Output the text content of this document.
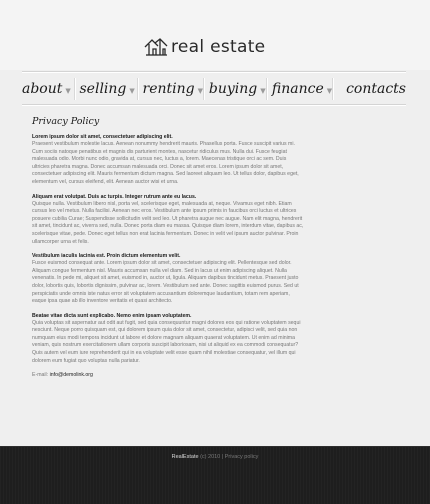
real estate
about ▼ selling ▼ renting ▼ buying ▼ finance ▼ contacts
Privacy Policy
Lorem ipsum dolor sit amet, consectetuer adipiscing elit.

Praesent vestibulum molestie lacus. Aenean nonummy hendrerit mauris. Phasellus porta. Fusce suscipit varius mi. Cum sociis natoque penatibus et magnis dis parturient montes, nascetur ridiculus mus. Nulla dui. Fusce feugiat malesuada odio. Morbi nunc odio, gravida at, cursus nec, luctus a, lorem. Maecenas tristique orci ac sem. Duis ultricies pharetra magna. Donec accumsan malesuada orci. Donec sit amet eros. Lorem ipsum dolor sit amet, consectetuer adipiscing elit. Mauris fermentum dictum magna. Sed laoreet aliquam leo. Ut tellus dolor, dapibus eget, elementum vel, cursus eleifend, elit. Aenean auctor wisi et urna.

Aliquam erat volutpat. Duis ac turpis. Integer rutrum ante eu lacus.

Quisque nulla. Vestibulum libero nisl, porta vel, scelerisque eget, malesuada at, neque. Vivamus eget nibh. Etiam cursus leo vel metus. Nulla facilisi. Aenean nec eros. Vestibulum ante ipsum primis in faucibus orci luctus et ultrices posuere cubilia Curae; Suspendisse sollicitudin velit sed leo. Ut pharetra augue nec augue. Nam elit magna, hendrerit sit amet, tincidunt ac, viverra sed, nulla. Donec porta diam eu massa. Quisque diam lorem, interdum vitae, dapibus ac, scelerisque vitae, pede. Donec eget tellus non erat lacinia fermentum. Donec in velit vel ipsum auctor pulvinar. Proin ullamcorper urna et felis.

Vestibulum iaculis lacinia est. Proin dictum elementum velit.

Fusce euismod consequat ante. Lorem ipsum dolor sit amet, consectetuer adipiscing elit. Pellentesque sed dolor. Aliquam congue fermentum nisl. Mauris accumsan nulla vel diam. Sed in lacus ut enim adipiscing aliquet. Nulla venenatis. In pede mi, aliquet sit amet, euismod in, auctor ut, ligula. Aliquam dapibus tincidunt metus. Praesent justo dolor, lobortis quis, lobortis dignissim, pulvinar ac, lorem. Vestibulum sed ante. Donec sagittis euismod purus. Sed ut perspiciatis unde omnis iste natus error sit voluptatem accusantium doloremque laudantium, totam rem aperiam, eaque ipsa quae ab illo inventore veritatis et quasi architecto.

Beatae vitae dicta sunt explicabo. Nemo enim ipsam voluptatem.

Quia voluptas sit aspernatur aut odit aut fugit, sed quia consequuntur magni dolores eos qui ratione voluptatem sequi nesciunt. Neque porro quisquam est, qui dolorem ipsum quia dolor sit amet, consectetur, adipisci velit, sed quia non numquam eius modi tempora incidunt ut labore et dolore magnam aliquam quaerat voluptatem. Ut enim ad minima veniam, quis nostrum exercitationem ullam corporis suscipit laboriosam, nisi ut aliquid ex ea commodi consequatur? Quis autem vel eum iure reprehenderit qui in ea voluptate velit esse quam nihil molestiae consequatur, vel illum qui dolorem eum fugiat quo voluptas nulla pariatur.

E-mail: info@demolink.org
RealEstate (c) 2010 | Privacy policy
